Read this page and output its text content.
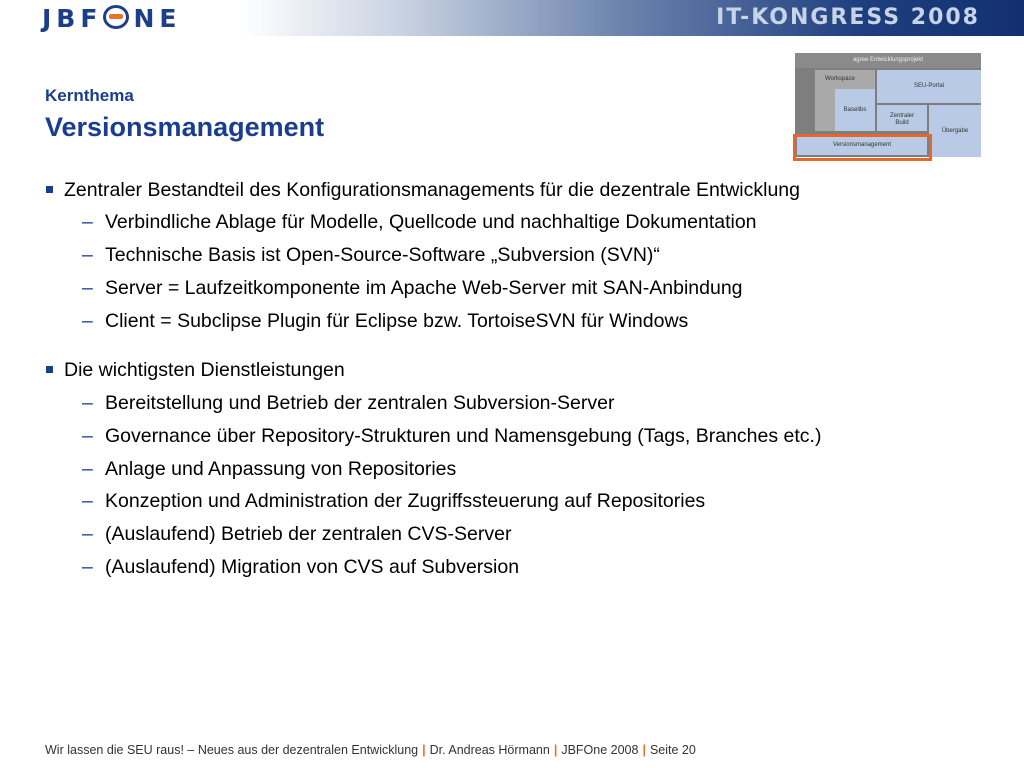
JBF NE	IT-KONGRESS 2008
Kernthema
Versionsmanagement
agree Entwicklungsprojekt
Workspace
SEU-Portal
Baselibs
Zentraler Build
Übergabe
Versionsmanagement
Zentraler Bestandteil des Konfigurationsmanagements für die dezentrale Entwicklung
– Verbindliche Ablage für Modelle, Quellcode und nachhaltige Dokumentation
– Technische Basis ist Open-Source-Software „Subversion (SVN)“
– Server = Laufzeitkomponente im Apache Web-Server mit SAN-Anbindung
– Client = Subclipse Plugin für Eclipse bzw. TortoiseSVN für Windows
Die wichtigsten Dienstleistungen
– Bereitstellung und Betrieb der zentralen Subversion-Server
– Governance über Repository-Strukturen und Namensgebung (Tags, Branches etc.)
– Anlage und Anpassung von Repositories
– Konzeption und Administration der Zugriffssteuerung auf Repositories
– (Auslaufend) Betrieb der zentralen CVS-Server
– (Auslaufend) Migration von CVS auf Subversion
Wir lassen die SEU raus! – Neues aus der dezentralen Entwicklung | Dr. Andreas Hörmann | JBFOne 2008 | Seite 20
